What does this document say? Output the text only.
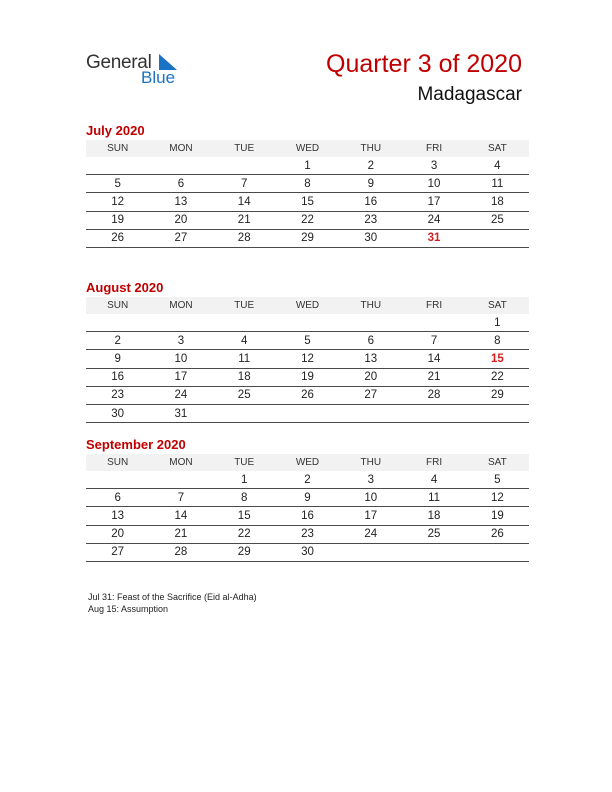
General
Blue	Quarter 3 of 2020
Madagascar
July 2020
SUN	MON	TUE	WED	THU	FRI	SAT
			1	2	3	4
5	6	7	8	9	10	11
12	13	14	15	16	17	18
19	20	21	22	23	24	25
26	27	28	29	30	31	
August 2020
SUN	MON	TUE	WED	THU	FRI	SAT
						1
2	3	4	5	6	7	8
9	10	11	12	13	14	15
16	17	18	19	20	21	22
23	24	25	26	27	28	29
30	31					
September 2020
SUN	MON	TUE	WED	THU	FRI	SAT
		1	2	3	4	5
6	7	8	9	10	11	12
13	14	15	16	17	18	19
20	21	22	23	24	25	26
27	28	29	30			
Jul 31: Feast of the Sacrifice (Eid al-Adha)
Aug 15: Assumption
